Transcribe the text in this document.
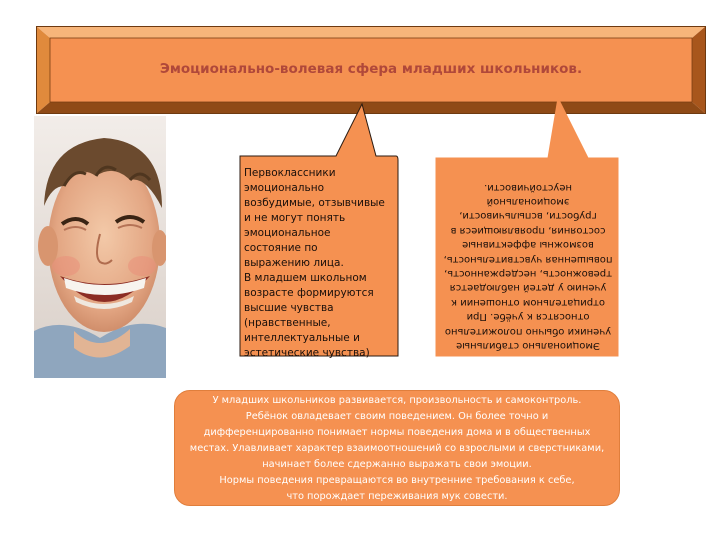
Эмоционально-волевая сфера младших школьников.
Первоклассники
эмоционально
возбудимые, отзывчивые
и не могут понять
эмоциональное
состояние по
выражению лица.
В младшем школьном
возрасте формируются
высшие чувства
(нравственные,
интеллектуальные и
эстетические чувства)

Эмоционально стабильные

ученики обычно положительно

относятся к учёбе. При

отрицательном отношении к

учению у детей наблюдается

тревожность, несдержанность,

повышенная чувствительность,

возможны аффективные

состояния, проявляющиеся в

грубости, вспыльчивости,

эмоциональной неустойчивости.

У младших школьников развивается, произвольность и самоконтроль.

Ребёнок овладевает своим поведением. Он более точно и

дифференцированно понимает нормы поведения дома и в общественных

местах. Улавливает характер взаимоотношений со взрослыми и сверстниками,

начинает более сдержанно выражать свои эмоции.

Нормы поведения превращаются во внутренние требования к себе,

что порождает переживания мук совести.
